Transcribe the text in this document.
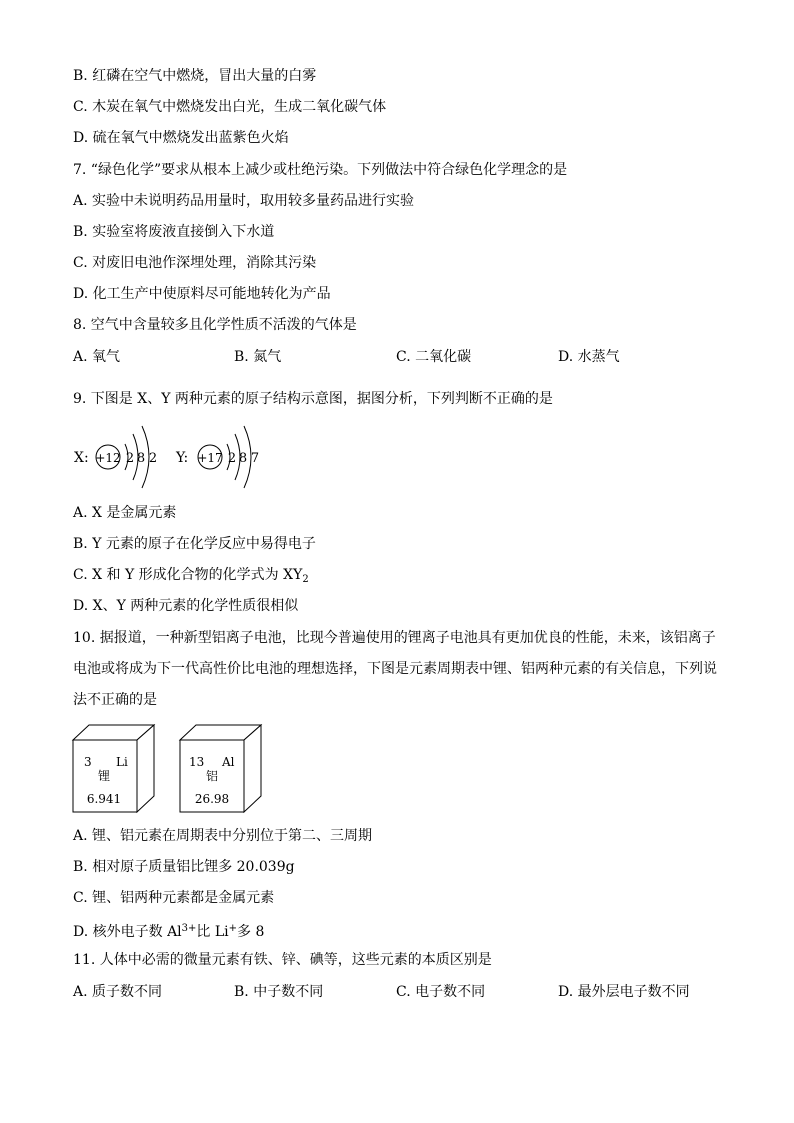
B. 红磷在空气中燃烧，冒出大量的白雾
C. 木炭在氧气中燃烧发出白光，生成二氧化碳气体
D. 硫在氧气中燃烧发出蓝紫色火焰
7. “绿色化学”要求从根本上减少或杜绝污染。下列做法中符合绿色化学理念的是
A. 实验中未说明药品用量时，取用较多量药品进行实验
B. 实验室将废液直接倒入下水道
C. 对废旧电池作深埋处理，消除其污染
D. 化工生产中使原料尽可能地转化为产品
8. 空气中含量较多且化学性质不活泼的气体是
A. 氧气	B. 氮气	C. 二氧化碳	D. 水蒸气
9. 下图是 X、Y 两种元素的原子结构示意图，据图分析，下列判断不正确的是
X: +12 2 8 2 Y: +17 2 8 7
A. X 是金属元素
B. Y 元素的原子在化学反应中易得电子
C. X 和 Y 形成化合物的化学式为 $XY_2$
D. X、Y 两种元素的化学性质很相似
10. 据报道，一种新型铝离子电池，比现今普遍使用的锂离子电池具有更加优良的性能，未来，该铝离子
电池或将成为下一代高性价比电池的理想选择，下图是元素周期表中锂、铝两种元素的有关信息，下列说
法不正确的是
3 Li
锂
6.941
13 Al
铝
26.98
A. 锂、铝元素在周期表中分别位于第二、三周期
B. 相对原子质量铝比锂多 20.039g
C. 锂、铝两种元素都是金属元素
D. 核外电子数 $Al^{3+}$比 Li+多 8
11. 人体中必需的微量元素有铁、锌、碘等，这些元素的本质区别是
A. 质子数不同	B. 中子数不同	C. 电子数不同	D. 最外层电子数不同
